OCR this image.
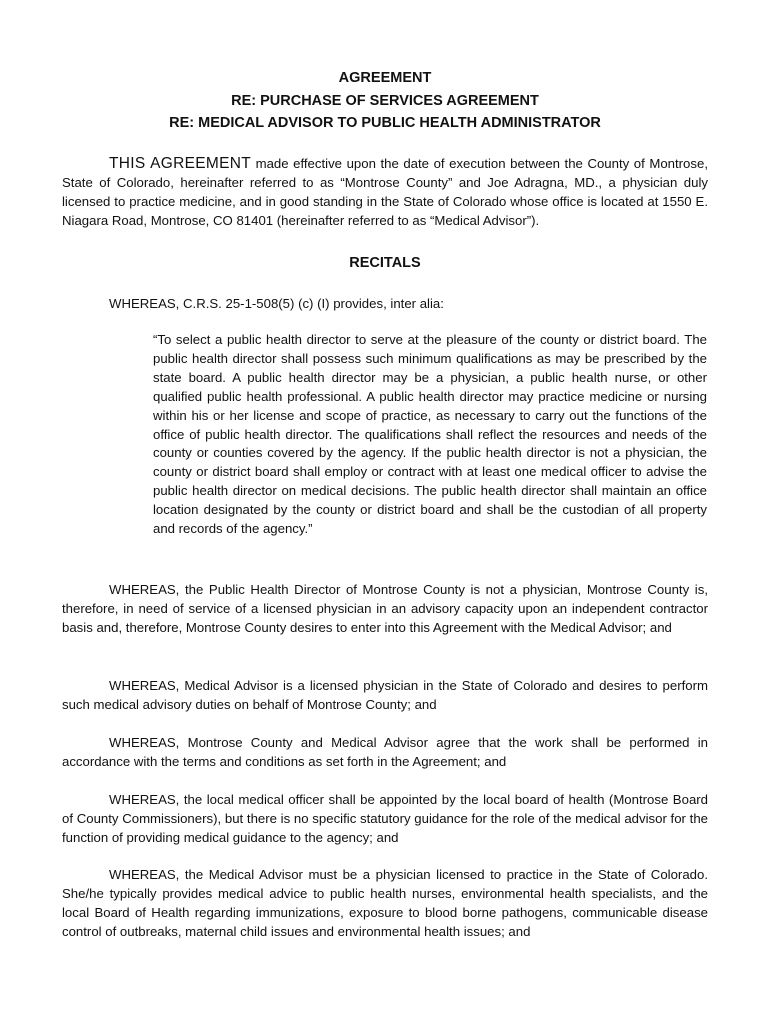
AGREEMENT
RE: PURCHASE OF SERVICES AGREEMENT
RE: MEDICAL ADVISOR TO PUBLIC HEALTH ADMINISTRATOR

THIS AGREEMENT made effective upon the date of execution between the County of Montrose, State of Colorado, hereinafter referred to as “Montrose County” and Joe Adragna, MD., a physician duly licensed to practice medicine, and in good standing in the State of Colorado whose office is located at 1550 E. Niagara Road, Montrose, CO 81401 (hereinafter referred to as “Medical Advisor”).

RECITALS
WHEREAS, C.R.S. 25-1-508(5) (c) (I) provides, inter alia:

“To select a public health director to serve at the pleasure of the county or district board. The public health director shall possess such minimum qualifications as may be prescribed by the state board. A public health director may be a physician, a public health nurse, or other qualified public health professional. A public health director may practice medicine or nursing within his or her license and scope of practice, as necessary to carry out the functions of the office of public health director. The qualifications shall reflect the resources and needs of the county or counties covered by the agency. If the public health director is not a physician, the county or district board shall employ or contract with at least one medical officer to advise the public health director on medical decisions. The public health director shall maintain an office location designated by the county or district board and shall be the custodian of all property and records of the agency.”

WHEREAS, the Public Health Director of Montrose County is not a physician, Montrose County is, therefore, in need of service of a licensed physician in an advisory capacity upon an independent contractor basis and, therefore, Montrose County desires to enter into this Agreement with the Medical Advisor; and

WHEREAS, Medical Advisor is a licensed physician in the State of Colorado and desires to perform such medical advisory duties on behalf of Montrose County; and

WHEREAS, Montrose County and Medical Advisor agree that the work shall be performed in accordance with the terms and conditions as set forth in the Agreement; and

WHEREAS, the local medical officer shall be appointed by the local board of health (Montrose Board of County Commissioners), but there is no specific statutory guidance for the role of the medical advisor for the function of providing medical guidance to the agency; and

WHEREAS, the Medical Advisor must be a physician licensed to practice in the State of Colorado. She/he typically provides medical advice to public health nurses, environmental health specialists, and the local Board of Health regarding immunizations, exposure to blood borne pathogens, communicable disease control of outbreaks, maternal child issues and environmental health issues; and
